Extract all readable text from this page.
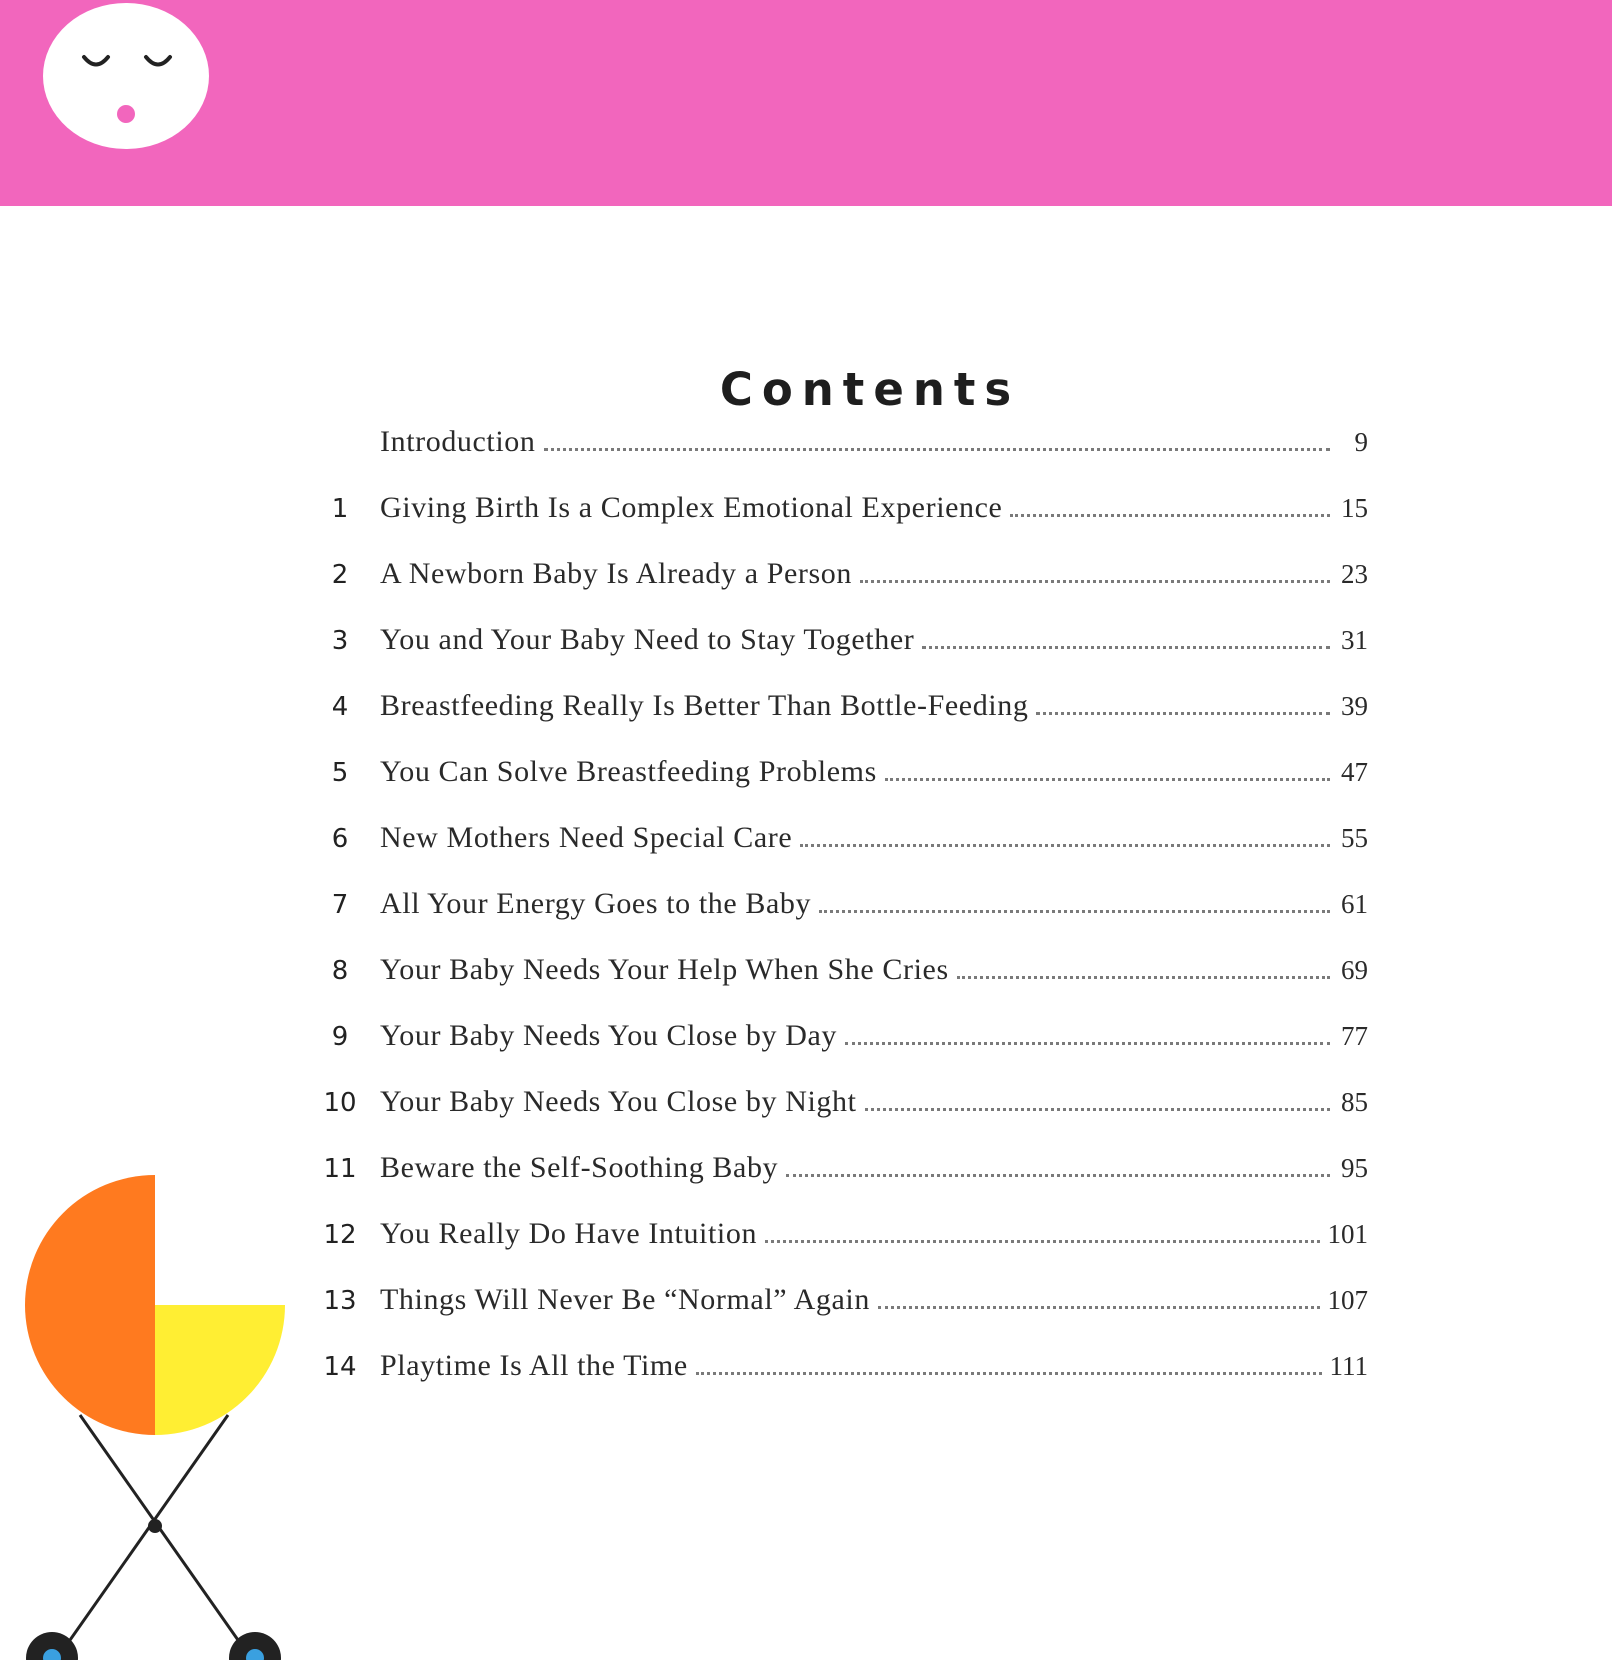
Contents
Introduction	9
1	Giving Birth Is a Complex Emotional Experience	15
2	A Newborn Baby Is Already a Person	23
3	You and Your Baby Need to Stay Together	31
4	Breastfeeding Really Is Better Than Bottle-Feeding	39
5	You Can Solve Breastfeeding Problems	47
6	New Mothers Need Special Care	55
7	All Your Energy Goes to the Baby	61
8	Your Baby Needs Your Help When She Cries	69
9	Your Baby Needs You Close by Day	77
10 Your Baby Needs You Close by Night	85
11 Beware the Self-Soothing Baby	95
12 You Really Do Have Intuition	101
13 Things Will Never Be “Normal” Again	107
14 Playtime Is All the Time	111
